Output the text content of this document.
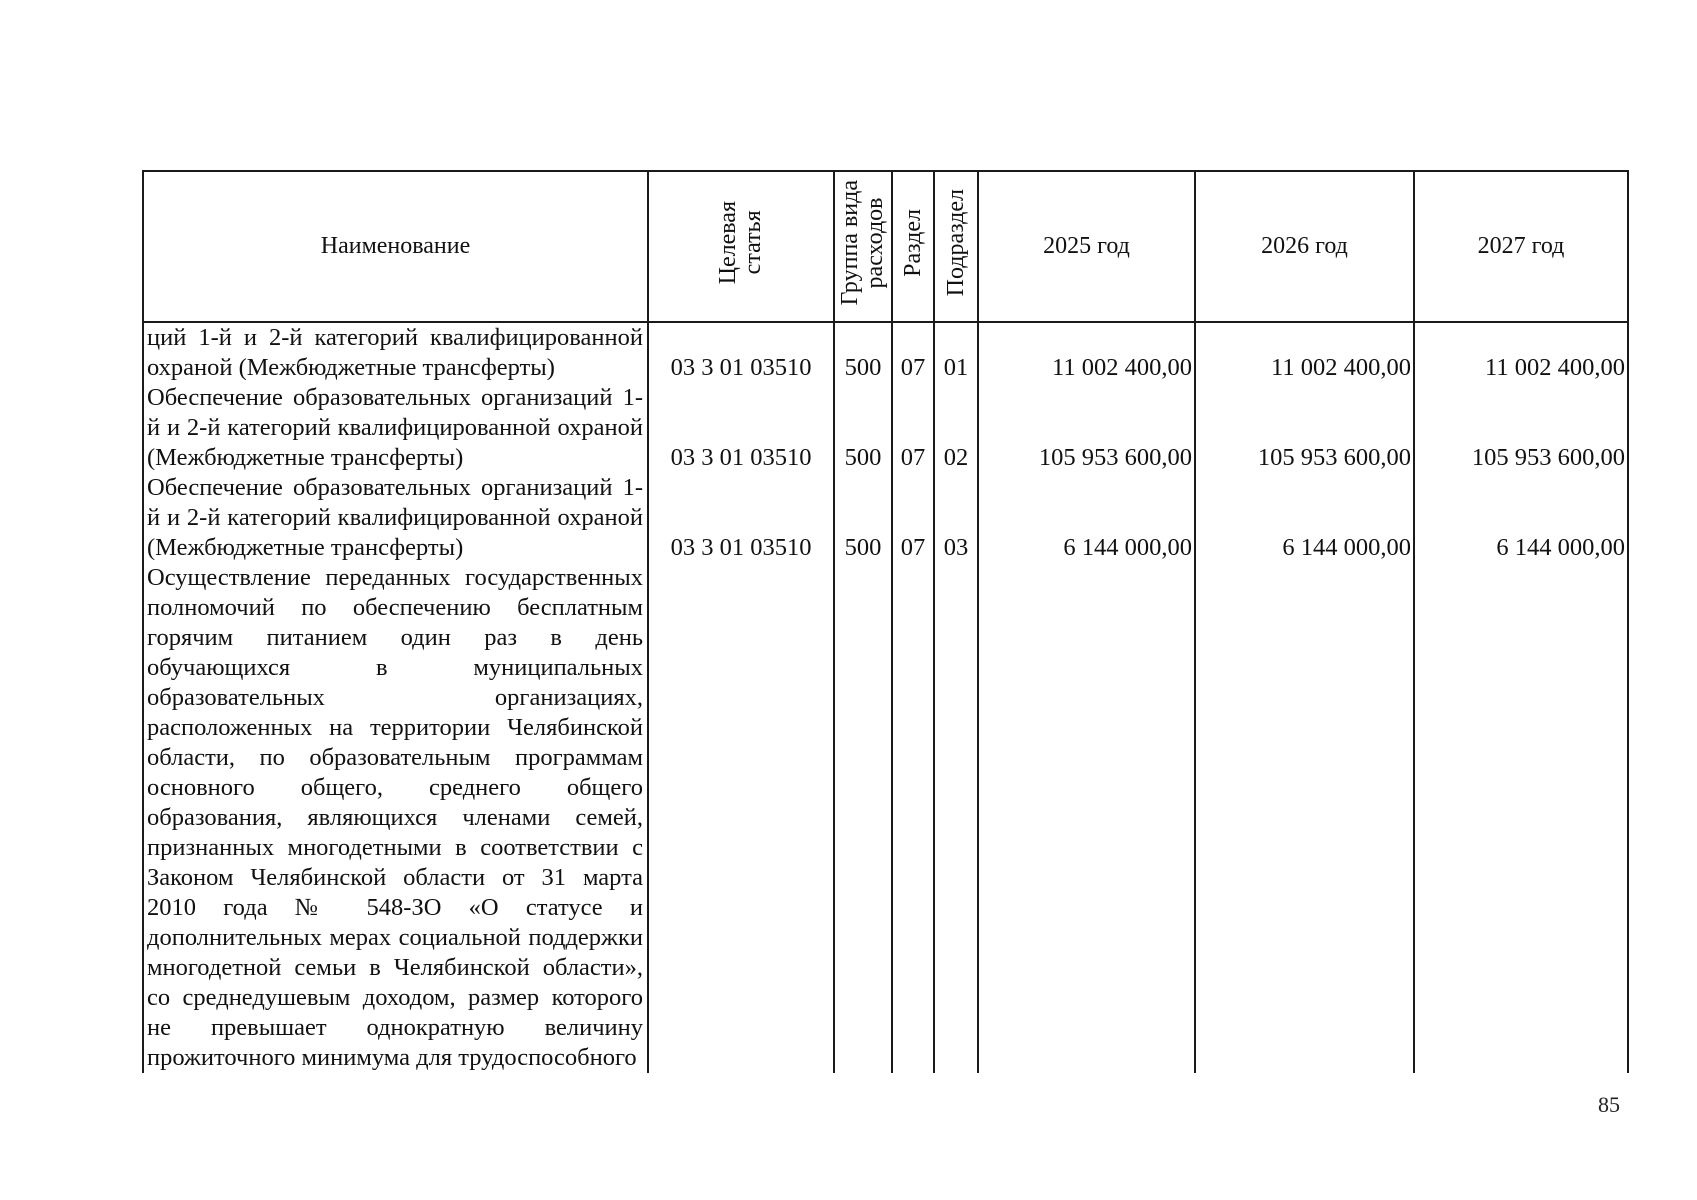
Наименование	Целевая статья	Группа вида расходов	Раздел	Подраздел	2025 год	2026 год	2027 год
ций 1-й и 2-й категорий квалифицированной охраной (Межбюджетные трансферты)	03 3 01 03510	500	07	01	11 002 400,00	11 002 400,00	11 002 400,00
Обеспечение образовательных организаций 1-й и 2-й категорий квалифицированной охраной (Межбюджетные трансферты)	03 3 01 03510	500	07	02	105 953 600,00	105 953 600,00	105 953 600,00
Обеспечение образовательных организаций 1-й и 2-й категорий квалифицированной охраной (Межбюджетные трансферты)	03 3 01 03510	500	07	03	6 144 000,00	6 144 000,00	6 144 000,00
Осуществление переданных государственных полномочий по обеспечению бесплатным горячим питанием один раз в день обучающихся в муниципальных образовательных организациях, расположенных на территории Челябинской области, по образовательным программам основного общего, среднего общего образования, являющихся членами семей, признанных многодетными в соответствии с Законом Челябинской области от 31 марта 2010 года № 548-ЗО «О статусе и дополнительных мерах социальной поддержки многодетной семьи в Челябинской области», со среднедушевым доходом, размер которого не превышает однократную величину прожиточного минимума для трудоспособного							
85
